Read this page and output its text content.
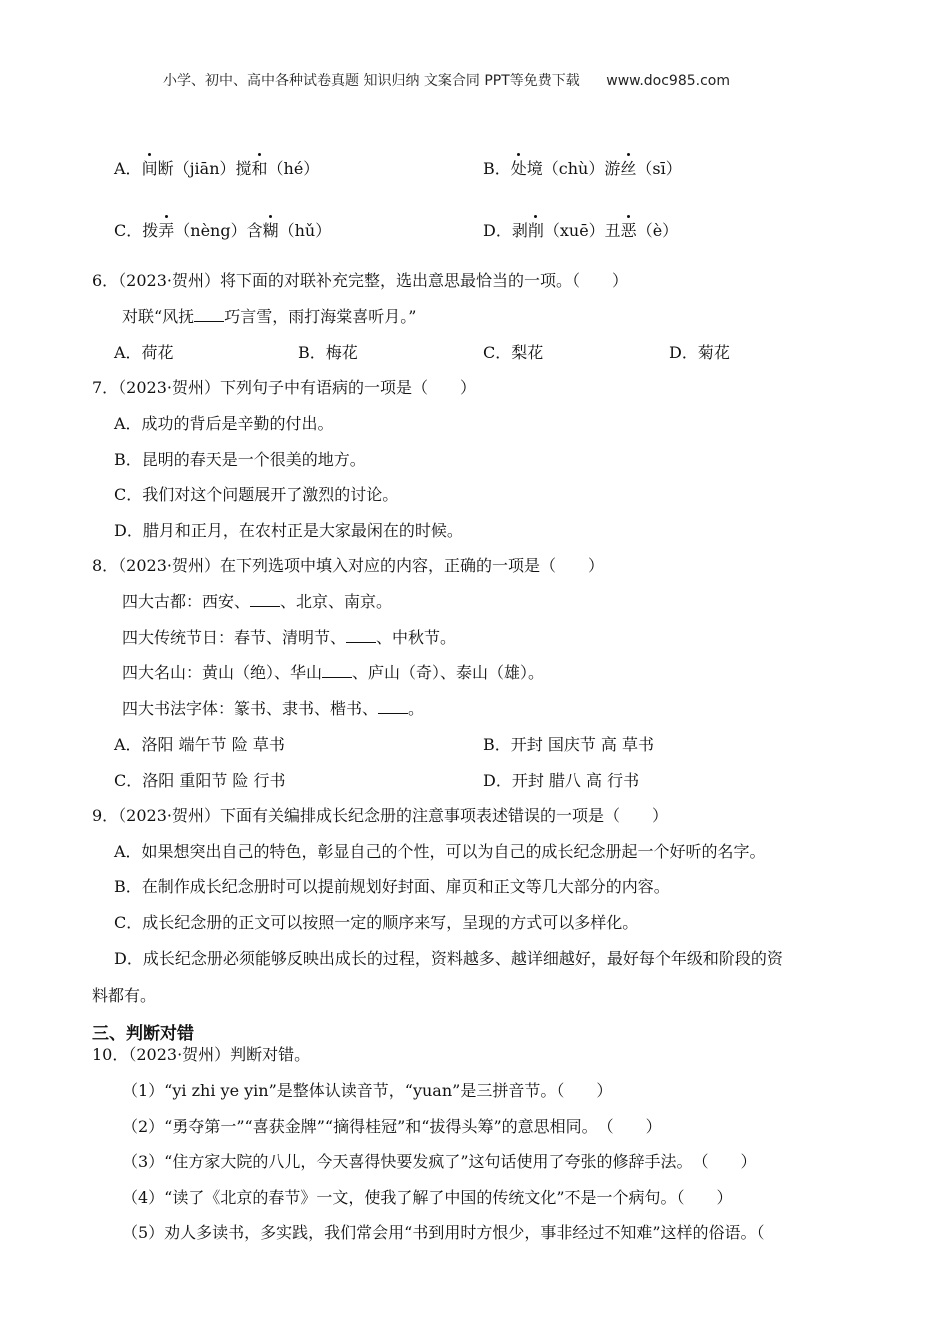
小学、初中、高中各种试卷真题 知识归纳 文案合同 PPT等免费下载 www.doc985.com
A．间断（jiān）搅和（hé）	B．处境（chù）游丝（sī）
C．拨弄（nèng）含糊（hǔ）	D．剥削（xuē）丑恶（è）
6．（2023·贺州）将下面的对联补充完整，选出意思最恰当的一项。（　　）
对联“风抚 巧言雪，雨打海棠喜听月。”
A．荷花	B．梅花	C．梨花	D．菊花
7．（2023·贺州）下列句子中有语病的一项是（　　）
A．成功的背后是辛勤的付出。
B．昆明的春天是一个很美的地方。
C．我们对这个问题展开了激烈的讨论。
D．腊月和正月，在农村正是大家最闲在的时候。
8．（2023·贺州）在下列选项中填入对应的内容，正确的一项是（　　）
四大古都：西安、 、北京、南京。
四大传统节日：春节、清明节、 、中秋节。
四大名山：黄山（绝）、华山 、庐山（奇）、泰山（雄）。
四大书法字体：篆书、隶书、楷书、 。
A．洛阳 端午节 险 草书	B．开封 国庆节 高 草书
C．洛阳 重阳节 险 行书	D．开封 腊八 高 行书
9．（2023·贺州）下面有关编排成长纪念册的注意事项表述错误的一项是（　　）
A．如果想突出自己的特色，彰显自己的个性，可以为自己的成长纪念册起一个好听的名字。
B．在制作成长纪念册时可以提前规划好封面、扉页和正文等几大部分的内容。
C．成长纪念册的正文可以按照一定的顺序来写，呈现的方式可以多样化。
D．成长纪念册必须能够反映出成长的过程，资料越多、越详细越好，最好每个年级和阶段的资
料都有。
三、判断对错
10．（2023·贺州）判断对错。
（1）“yi zhi ye yin”是整体认读音节，“yuan”是三拼音节。（　　）
（2）“勇夺第一”“喜获金牌”“摘得桂冠”和“拔得头筹”的意思相同。　（　　）
（3）“住方家大院的八儿，今天喜得快要发疯了”这句话使用了夸张的修辞手法。　（　　）
（4）“读了《北京的春节》一文，使我了解了中国的传统文化”不是一个病句。（　　）
（5）劝人多读书，多实践，我们常会用“书到用时方恨少，事非经过不知难”这样的俗语。（
